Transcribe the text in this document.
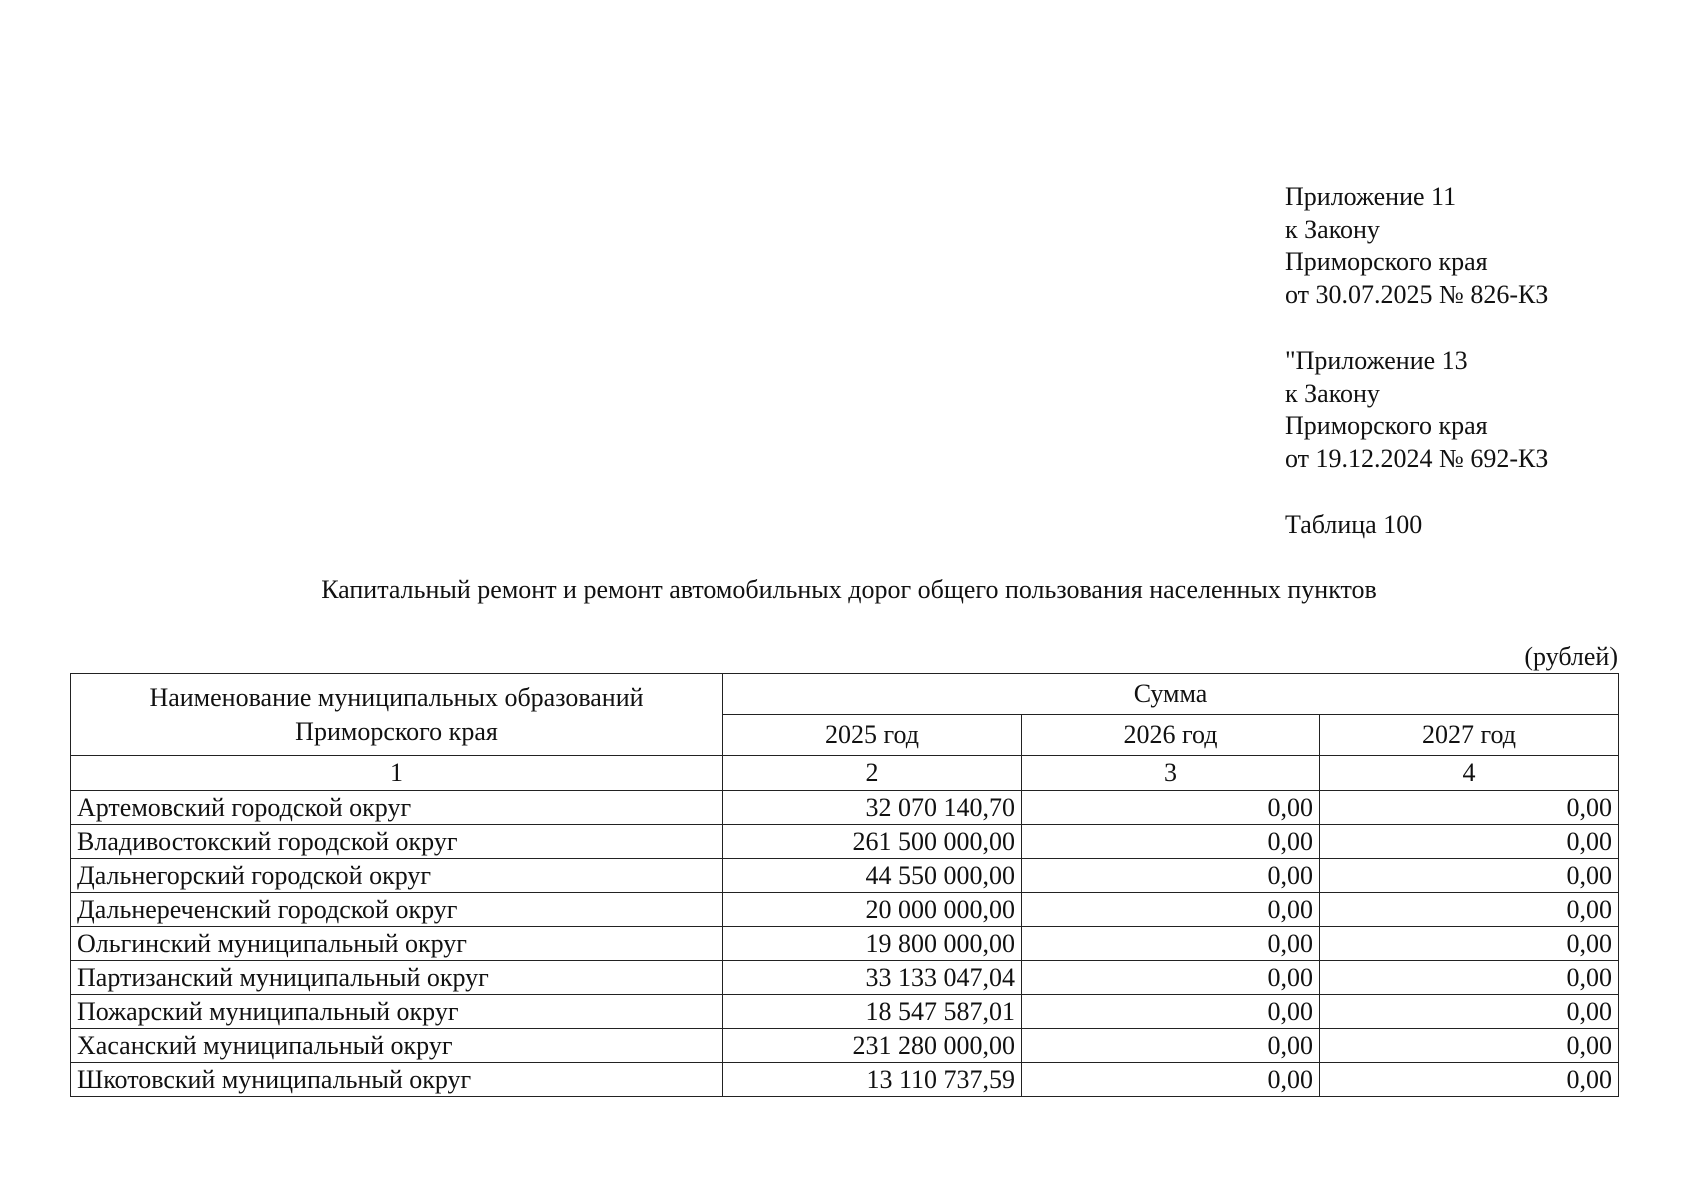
Приложение 11
к Закону
Приморского края
от 30.07.2025 № 826-КЗ
"Приложение 13
к Закону
Приморского края
от 19.12.2024 № 692-КЗ
Таблица 100
Капитальный ремонт и ремонт автомобильных дорог общего пользования населенных пунктов
(рублей)
Наименование муниципальных образований Приморского края	Сумма		
	2025 год	2026 год	2027 год
1	2	3	4
Артемовский городской округ	32 070 140,70	0,00	0,00
Владивостокский городской округ	261 500 000,00	0,00	0,00
Дальнегорский городской округ	44 550 000,00	0,00	0,00
Дальнереченский городской округ	20 000 000,00	0,00	0,00
Ольгинский муниципальный округ	19 800 000,00	0,00	0,00
Партизанский муниципальный округ	33 133 047,04	0,00	0,00
Пожарский муниципальный округ	18 547 587,01	0,00	0,00
Хасанский муниципальный округ	231 280 000,00	0,00	0,00
Шкотовский муниципальный округ	13 110 737,59	0,00	0,00
